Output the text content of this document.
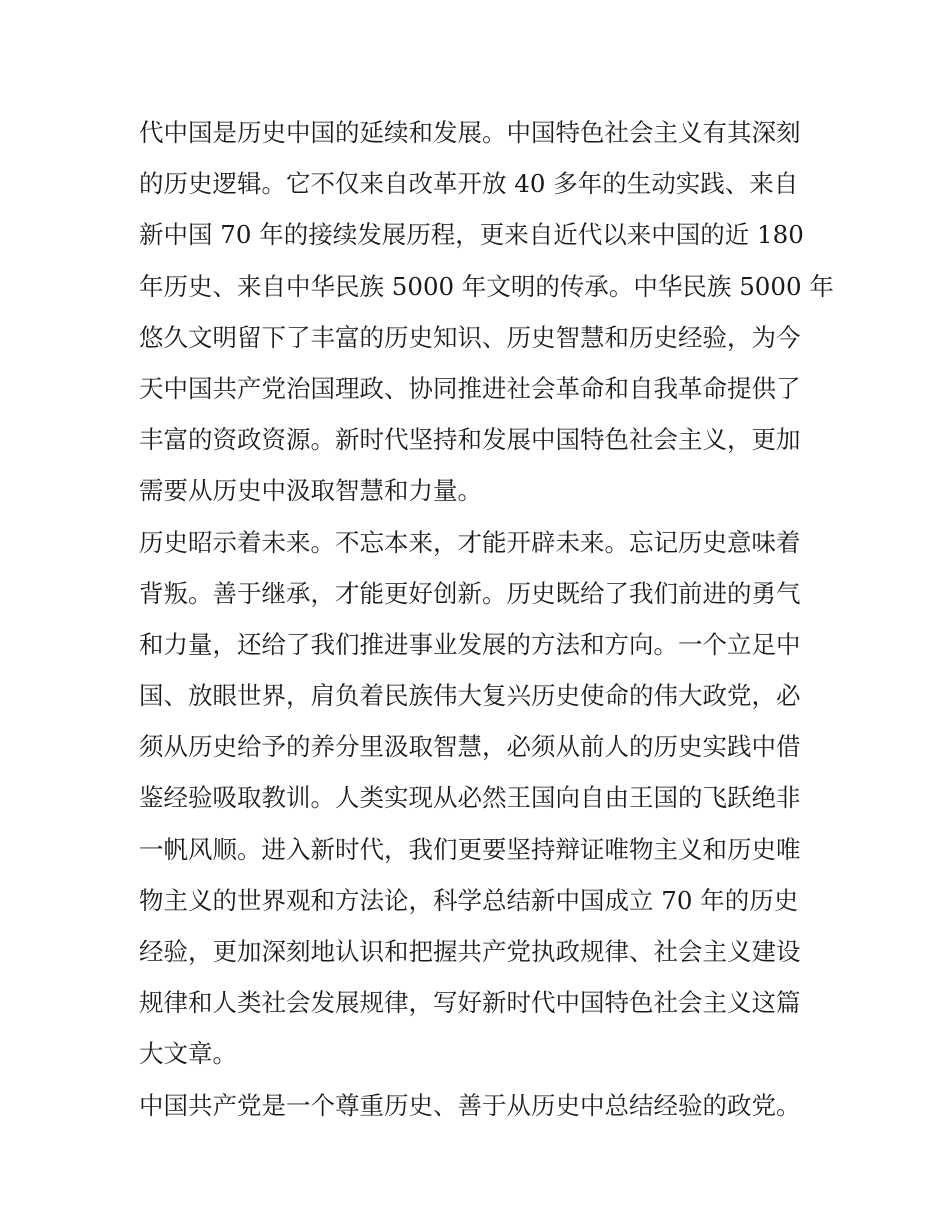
代中国是历史中国的延续和发展。中国特色社会主义有其深刻
的历史逻辑。它不仅来自改革开放 40 多年的生动实践、来自
新中国 70 年的接续发展历程，更来自近代以来中国的近 180
年历史、来自中华民族 5000 年文明的传承。中华民族 5000 年
悠久文明留下了丰富的历史知识、历史智慧和历史经验，为今
天中国共产党治国理政、协同推进社会革命和自我革命提供了
丰富的资政资源。新时代坚持和发展中国特色社会主义，更加
需要从历史中汲取智慧和力量。
历史昭示着未来。不忘本来，才能开辟未来。忘记历史意味着
背叛。善于继承，才能更好创新。历史既给了我们前进的勇气
和力量，还给了我们推进事业发展的方法和方向。一个立足中
国、放眼世界，肩负着民族伟大复兴历史使命的伟大政党，必
须从历史给予的养分里汲取智慧，必须从前人的历史实践中借
鉴经验吸取教训。人类实现从必然王国向自由王国的飞跃绝非
一帆风顺。进入新时代，我们更要坚持辩证唯物主义和历史唯
物主义的世界观和方法论，科学总结新中国成立 70 年的历史
经验，更加深刻地认识和把握共产党执政规律、社会主义建设
规律和人类社会发展规律，写好新时代中国特色社会主义这篇
大文章。
中国共产党是一个尊重历史、善于从历史中总结经验的政党。
